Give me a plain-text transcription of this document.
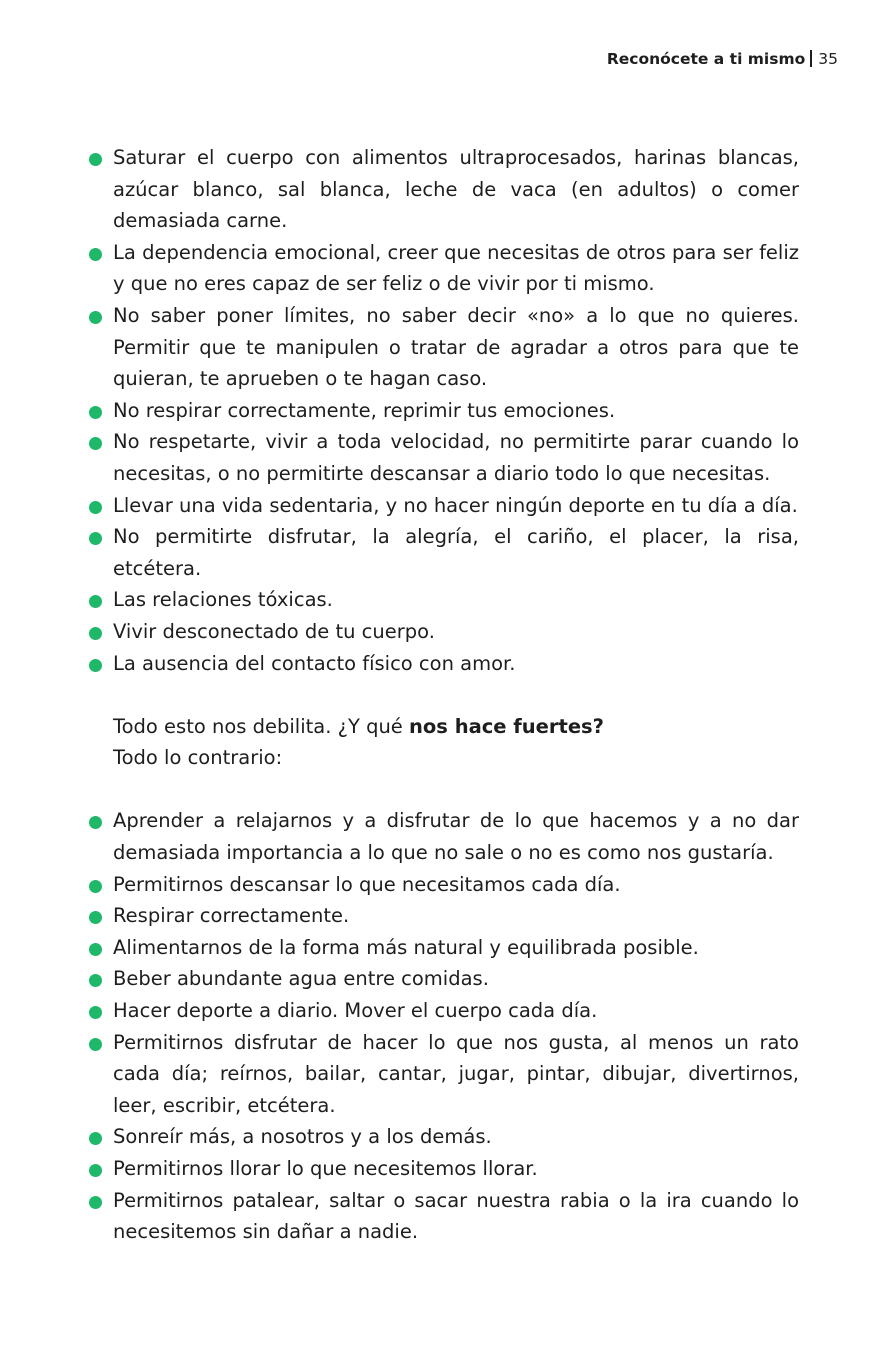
Reconócete a ti mismo 35
Saturar el cuerpo con alimentos ultraprocesados, harinas blancas, azúcar blanco, sal blanca, leche de vaca (en adultos) o comer demasiada carne.
La dependencia emocional, creer que necesitas de otros para ser feliz y que no eres capaz de ser feliz o de vivir por ti mismo.
No saber poner límites, no saber decir «no» a lo que no quieres. Permitir que te manipulen o tratar de agradar a otros para que te quieran, te aprueben o te hagan caso.
No respirar correctamente, reprimir tus emociones.
No respetarte, vivir a toda velocidad, no permitirte parar cuando lo necesitas, o no permitirte descansar a diario todo lo que necesitas.
Llevar una vida sedentaria, y no hacer ningún deporte en tu día a día.
No permitirte disfrutar, la alegría, el cariño, el placer, la risa, etcétera.
Las relaciones tóxicas.
Vivir desconectado de tu cuerpo.
La ausencia del contacto físico con amor.

Todo esto nos debilita. ¿Y qué nos hace fuertes?

Todo lo contrario:

Aprender a relajarnos y a disfrutar de lo que hacemos y a no dar demasiada importancia a lo que no sale o no es como nos gustaría.
Permitirnos descansar lo que necesitamos cada día.
Respirar correctamente.
Alimentarnos de la forma más natural y equilibrada posible.
Beber abundante agua entre comidas.
Hacer deporte a diario. Mover el cuerpo cada día.
Permitirnos disfrutar de hacer lo que nos gusta, al menos un rato cada día; reírnos, bailar, cantar, jugar, pintar, dibujar, divertirnos, leer, escribir, etcétera.
Sonreír más, a nosotros y a los demás.
Permitirnos llorar lo que necesitemos llorar.
Permitirnos patalear, saltar o sacar nuestra rabia o la ira cuando lo necesitemos sin dañar a nadie.
